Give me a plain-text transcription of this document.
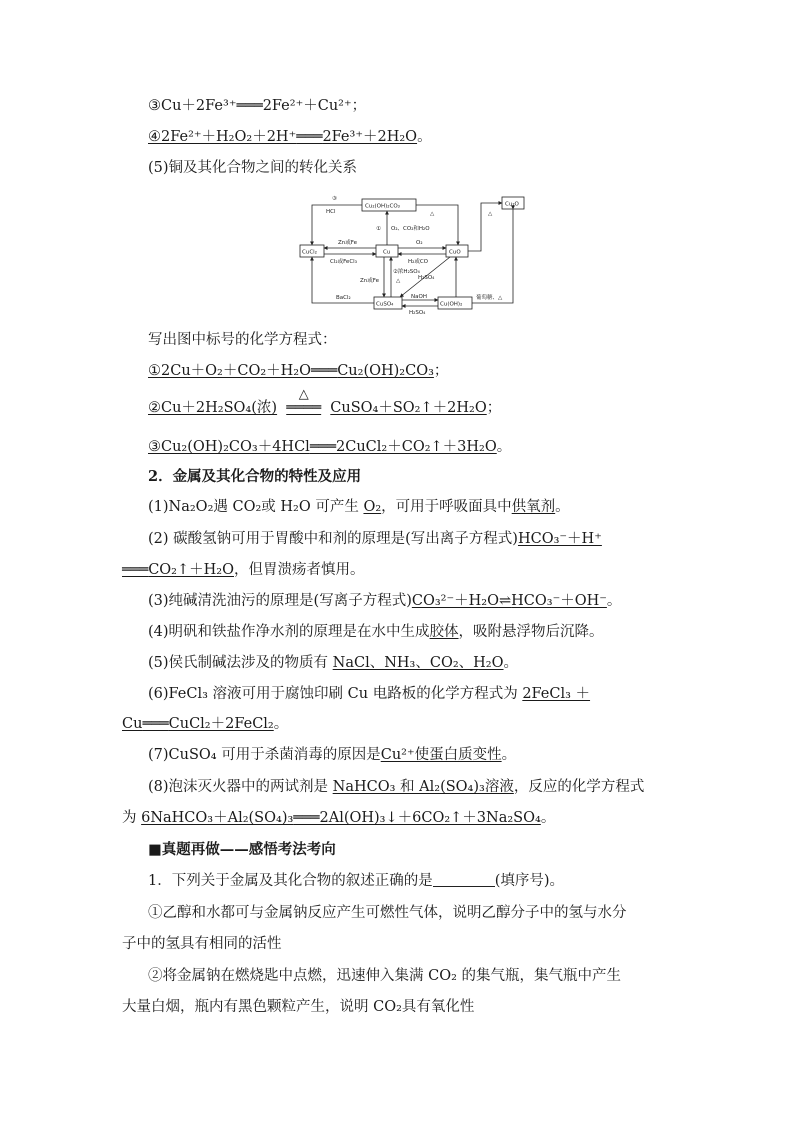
③Cu＋2Fe³⁺═══2Fe²⁺＋Cu²⁺；
④2Fe²⁺＋H₂O₂＋2H⁺═══2Fe³⁺＋2H₂O。
(5)铜及其化合物之间的转化关系
Cu₂O
Cu₂(OH)₂CO₃
CuCl₂	Cu	CuO
CuSO₄	Cu(OH)₂
③
HCl	△	△
① O₂、CO₂和H₂O
Zn或Fe
Cl₂或FeCl₃
O₂
H₂或CO
②浓H₂SO₄
△
Zn或Fe	H₂SO₄
BaCl₂	NaOH
H₂SO₄
葡萄糖、△
写出图中标号的化学方程式：
①2Cu＋O₂＋CO₂＋H₂O═══Cu₂(OH)₂CO₃；
②Cu＋2H₂SO₄(浓)
△
════ CuSO₄＋SO₂↑＋2H₂O；
③Cu₂(OH)₂CO₃＋4HCl═══2CuCl₂＋CO₂↑＋3H₂O。
2．金属及其化合物的特性及应用
(1)Na₂O₂遇 CO₂或 H₂O 可产生 O₂，可用于呼吸面具中供氧剂。
(2) 碳酸氢钠可用于胃酸中和剂的原理是(写出离子方程式)HCO₃⁻＋H⁺
═══CO₂↑＋H₂O，但胃溃疡者慎用。
(3)纯碱清洗油污的原理是(写离子方程式)CO₃²⁻＋H₂O⇌HCO₃⁻＋OH⁻。
(4)明矾和铁盐作净水剂的原理是在水中生成胶体，吸附悬浮物后沉降。
(5)侯氏制碱法涉及的物质有 NaCl、NH₃、CO₂、H₂O。
(6)FeCl₃ 溶液可用于腐蚀印刷 Cu 电路板的化学方程式为 2FeCl₃ ＋
Cu═══CuCl₂＋2FeCl₂。
(7)CuSO₄ 可用于杀菌消毒的原因是Cu²⁺使蛋白质变性。
(8)泡沫灭火器中的两试剂是 NaHCO₃ 和 Al₂(SO₄)₃溶液，反应的化学方程式
为 6NaHCO₃＋Al₂(SO₄)₃═══2Al(OH)₃↓＋6CO₂↑＋3Na₂SO₄。
■真题再做——感悟考法考向
1．下列关于金属及其化合物的叙述正确的是	(填序号)。
①乙醇和水都可与金属钠反应产生可燃性气体，说明乙醇分子中的氢与水分
子中的氢具有相同的活性
②将金属钠在燃烧匙中点燃，迅速伸入集满 CO₂ 的集气瓶，集气瓶中产生
大量白烟，瓶内有黑色颗粒产生，说明 CO₂具有氧化性
